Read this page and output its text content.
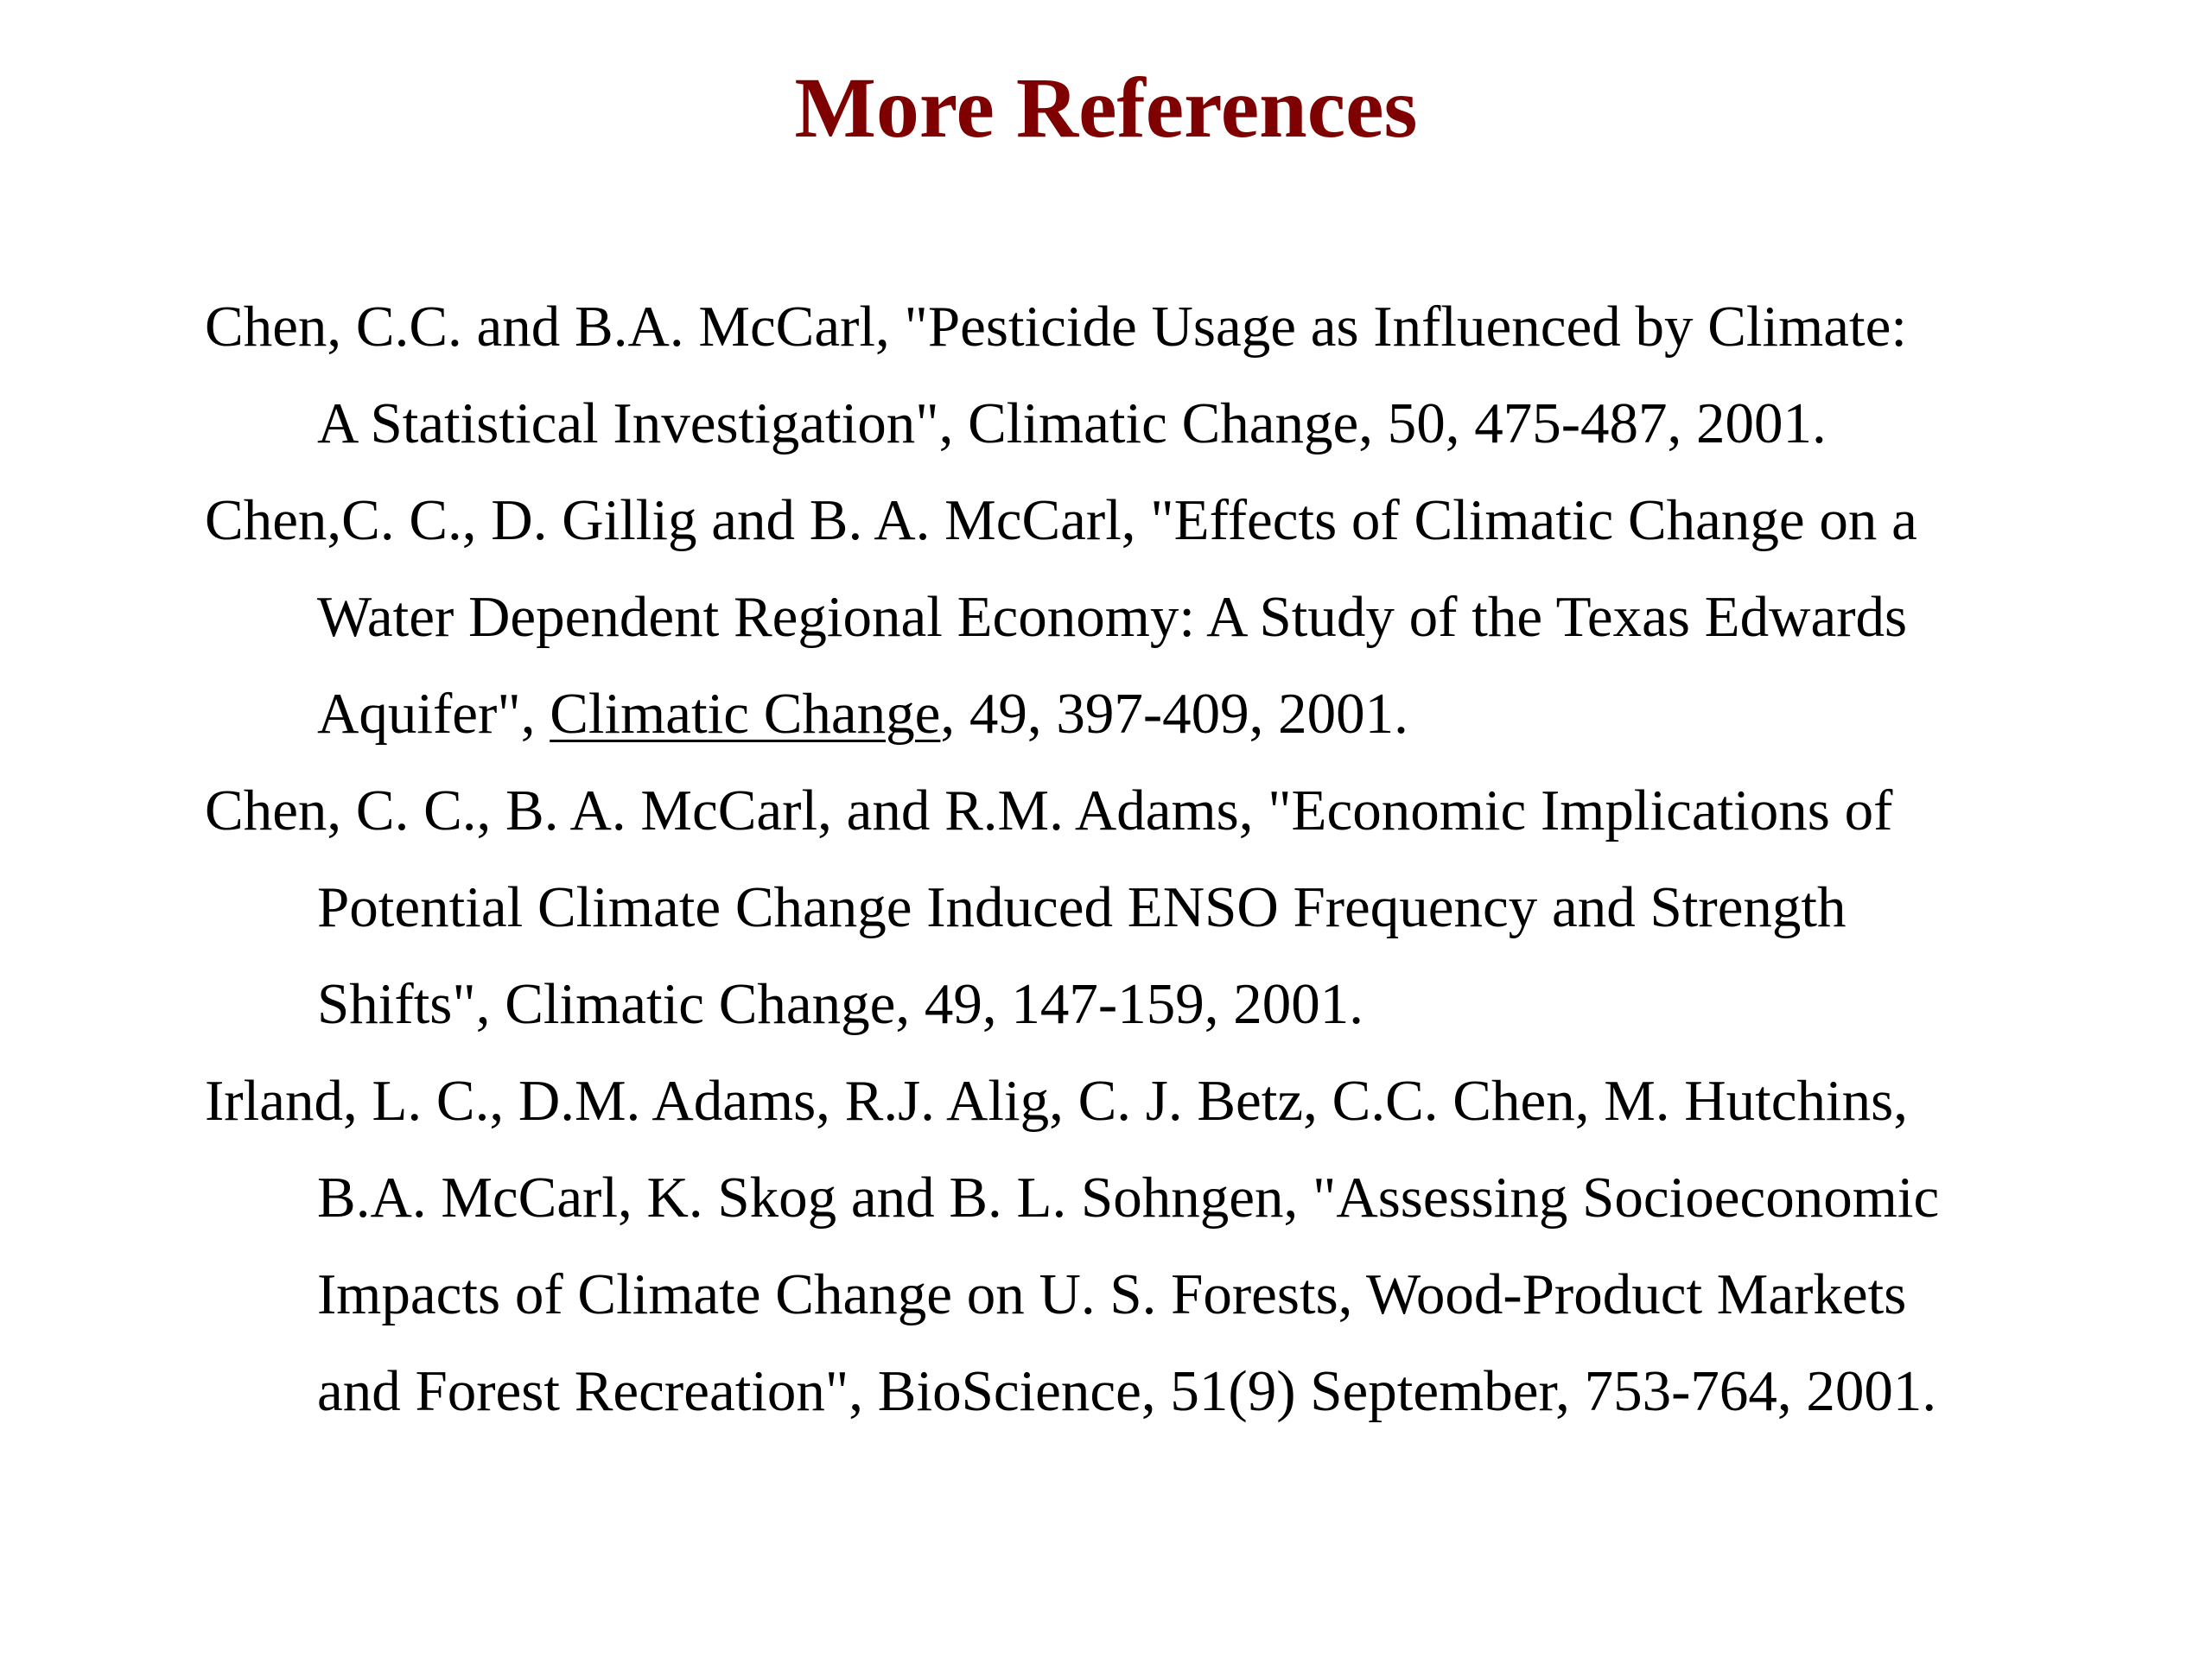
More References

Chen, C.C. and B.A. McCarl, "Pesticide Usage as Influenced by Climate:
A Statistical Investigation", Climatic Change, 50, 475-487, 2001.

Chen,C. C., D. Gillig and B. A. McCarl, "Effects of Climatic Change on a
Water Dependent Regional Economy: A Study of the Texas Edwards
Aquifer", Climatic Change, 49, 397-409, 2001.

Chen, C. C., B. A. McCarl, and R.M. Adams, "Economic Implications of
Potential Climate Change Induced ENSO Frequency and Strength
Shifts", Climatic Change, 49, 147-159, 2001.

Irland, L. C., D.M. Adams, R.J. Alig, C. J. Betz, C.C. Chen, M. Hutchins,
B.A. McCarl, K. Skog and B. L. Sohngen, "Assessing Socioeconomic
Impacts of Climate Change on U. S. Forests, Wood-Product Markets
and Forest Recreation", BioScience, 51(9) September, 753-764, 2001.
